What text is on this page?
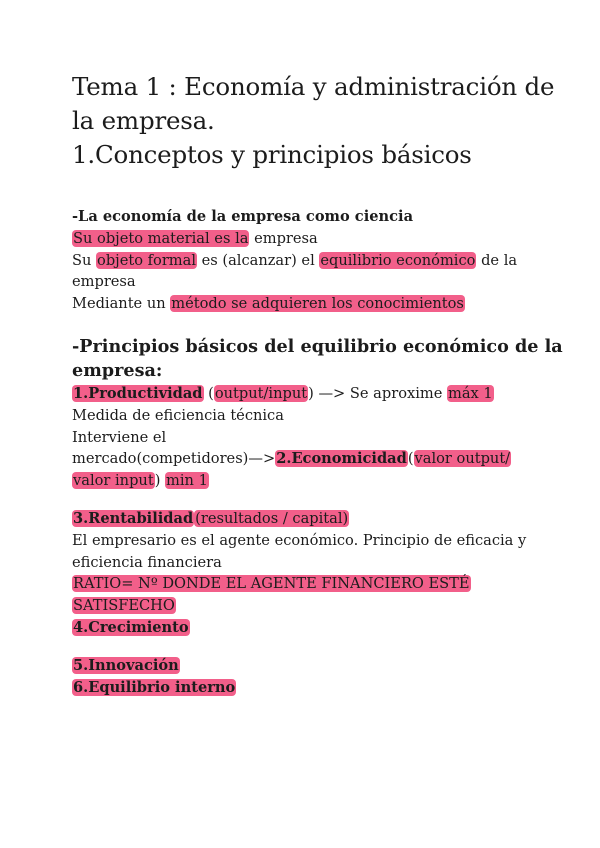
Tema 1 : Economía y administración de
la empresa.
1.Conceptos y principios básicos
-La economía de la empresa como ciencia
Su objeto material es la empresa
Su objeto formal es (alcanzar) el equilibrio económico de la
empresa
Mediante un método se adquieren los conocimientos
-Principios básicos del equilibrio económico de la
empresa:
1.Productividad (output/input) —> Se aproxime máx 1
Medida de eficiencia técnica
Interviene el
mercado(competidores)—>2.Economicidad(valor output/
valor input) min 1
3.Rentabilidad (resultados / capital)
El empresario es el agente económico. Principio de eficacia y
eficiencia financiera
RATIO= Nº DONDE EL AGENTE FINANCIERO ESTÉ
SATISFECHO
4.Crecimiento
5.Innovación
6.Equilibrio interno
